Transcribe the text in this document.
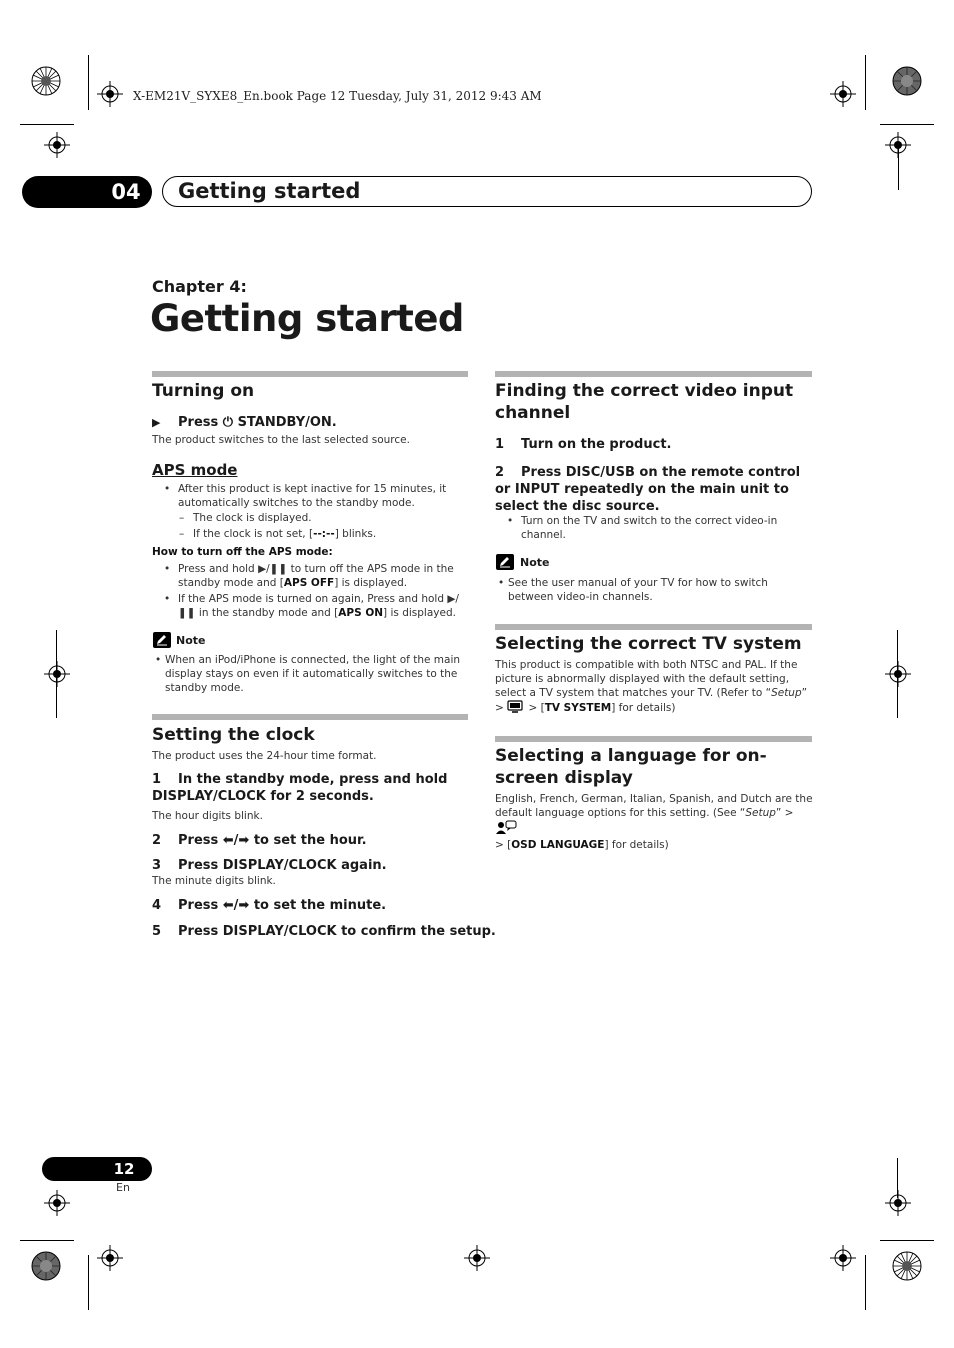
X-EM21V_SYXE8_En.book Page 12 Tuesday, July 31, 2012 9:43 AM
04	Getting started
Chapter 4:
Getting started
Turning on
▶ Press ⏻ STANDBY/ON.
The product switches to the last selected source.
APS mode
• After this product is kept inactive for 15 minutes, it automatically switches to the standby mode.
– The clock is displayed.
– If the clock is not set, [--:--] blinks.
How to turn off the APS mode:
• Press and hold ▶/❚❚ to turn off the APS mode in the standby mode and [APS OFF] is displayed.
• If the APS mode is turned on again, Press and hold ▶/❚❚ in the standby mode and [APS ON] is displayed.
Note
• When an iPod/iPhone is connected, the light of the main display stays on even if it automatically switches to the standby mode.
Setting the clock
The product uses the 24-hour time format.
1	In the standby mode, press and hold DISPLAY/CLOCK for 2 seconds.
The hour digits blink.
2 Press ⬅/➡ to set the hour.
3 Press DISPLAY/CLOCK again.
The minute digits blink.
4 Press ⬅/➡ to set the minute.
5 Press DISPLAY/CLOCK to confirm the setup.
Finding the correct video input channel
1 Turn on the product.
2	Press DISC/USB on the remote control or INPUT repeatedly on the main unit to select the disc source.
• Turn on the TV and switch to the correct video-in channel.
Note
• See the user manual of your TV for how to switch between video-in channels.
Selecting the correct TV system
This product is compatible with both NTSC and PAL. If the picture is abnormally displayed with the default setting, select a TV system that matches your TV. (Refer to “Setup” >  > [TV SYSTEM] for details)
Selecting a language for on-screen display
English, French, German, Italian, Spanish, and Dutch are the default language options for this setting. (See “Setup” >
> [OSD LANGUAGE] for details)
12
En
